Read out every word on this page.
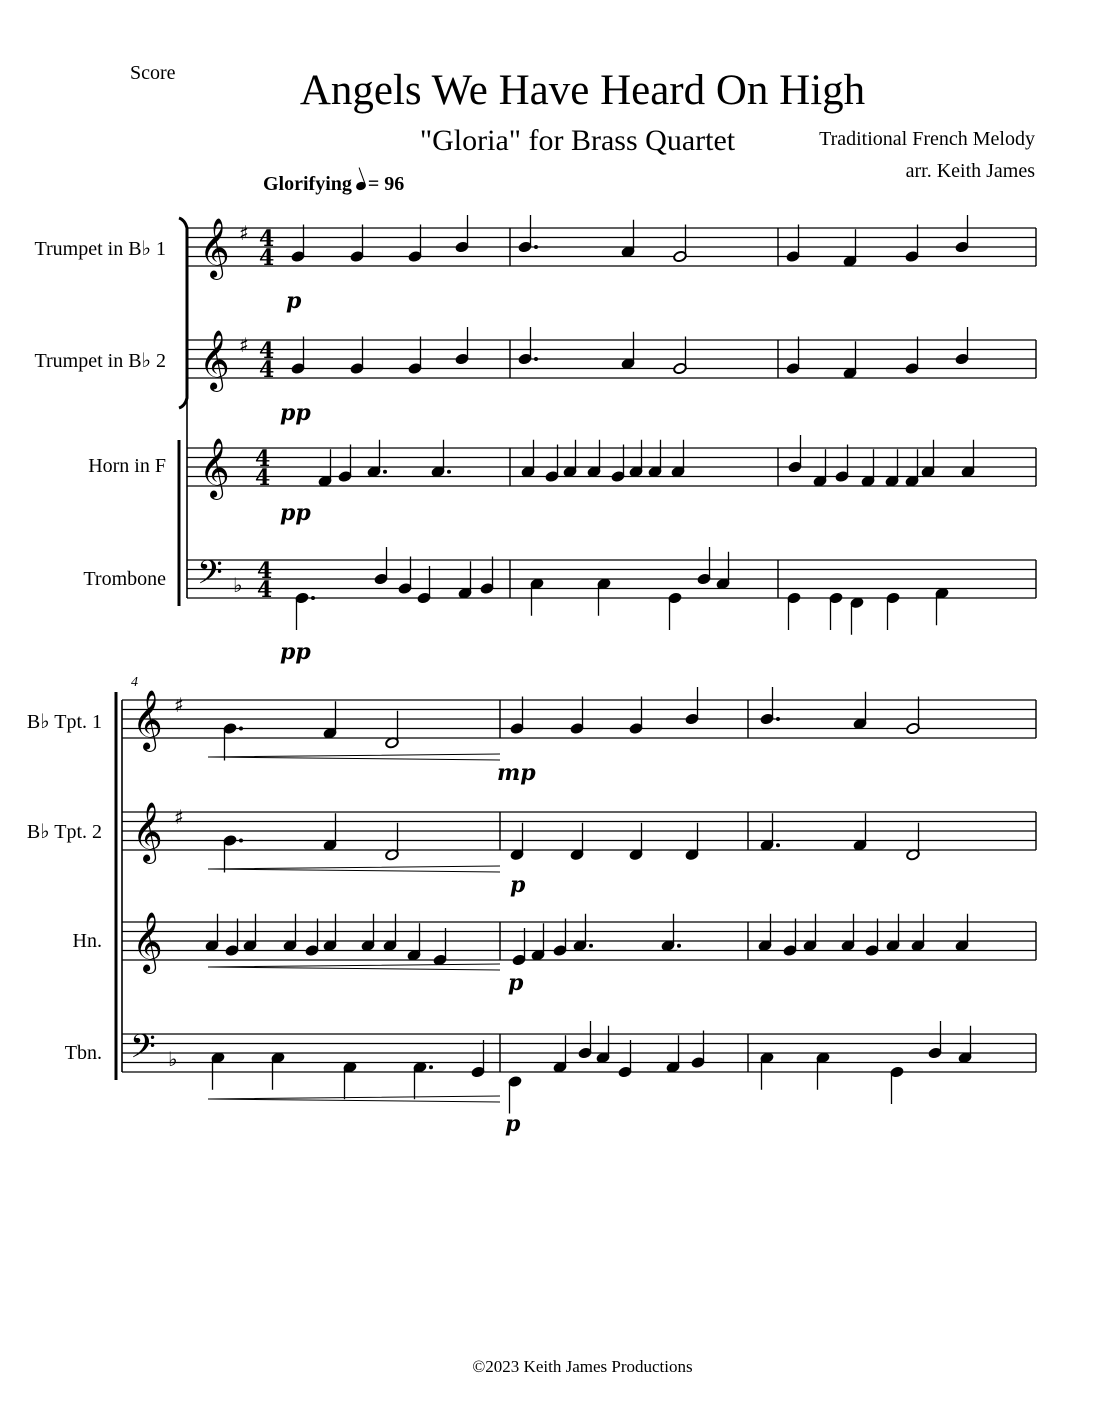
Score	Angels We Have Heard On High
"Gloria" for Brass Quartet	Traditional French Melody
arr. Keith James
Glorifying = 96
Trumpet in B♭ 1
Trumpet in B♭ 2
Horn in F
Trombone
B♭ Tpt. 1
B♭ Tpt. 2
Hn.
Tbn.
𝄞
𝄞
𝄞
𝄢
𝄞
𝄞
𝄞
𝄢
♯
♯
♯
♯
♭
♭
4
4
4
4
4
4
4
4
p
pp
pp
pp
4
mp
p
p
p
©2023 Keith James Productions
